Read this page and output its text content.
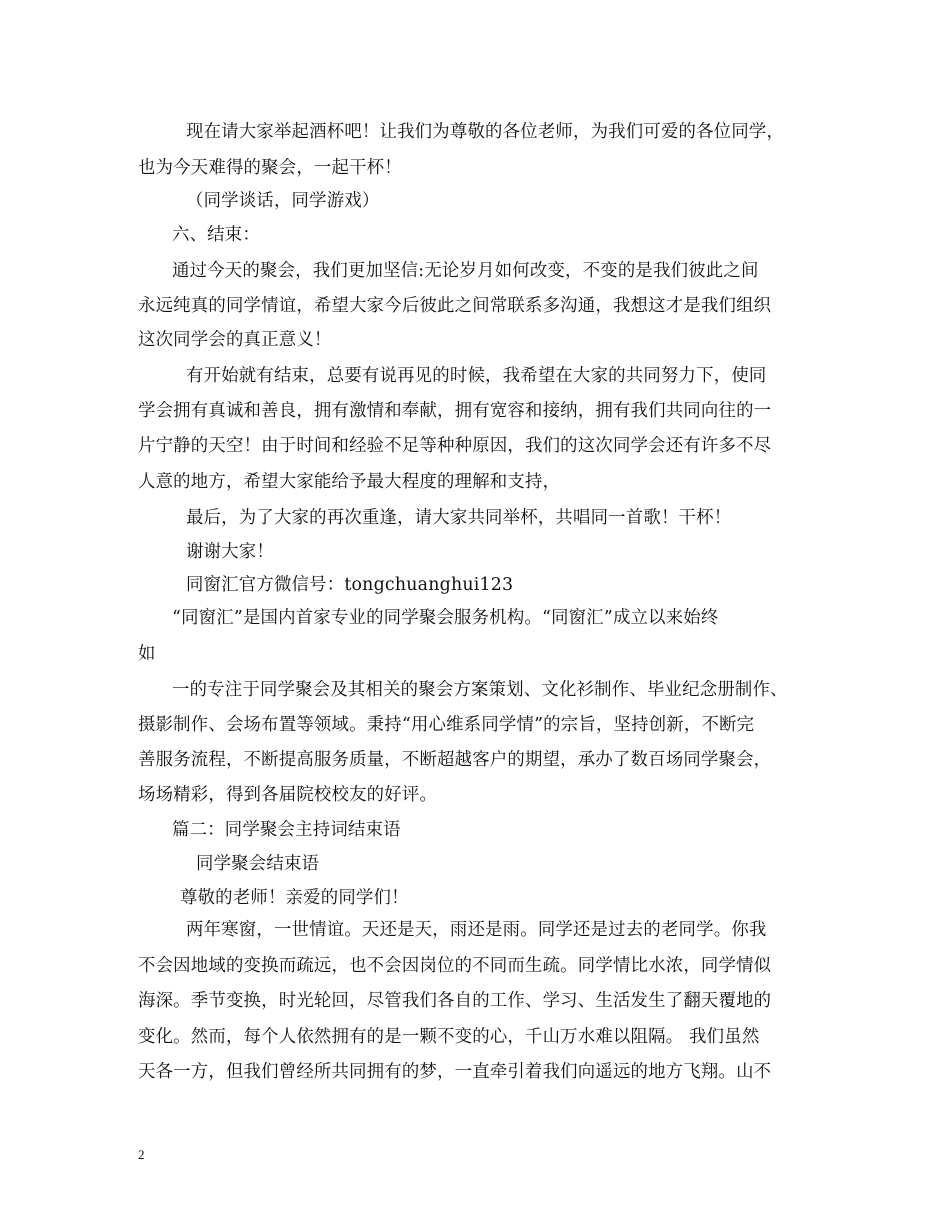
现在请大家举起酒杯吧！让我们为尊敬的各位老师，为我们可爱的各位同学，
也为今天难得的聚会，一起干杯！
（同学谈话，同学游戏）
六、结束：
通过今天的聚会，我们更加坚信:无论岁月如何改变，不变的是我们彼此之间
永远纯真的同学情谊，希望大家今后彼此之间常联系多沟通，我想这才是我们组织
这次同学会的真正意义！
有开始就有结束，总要有说再见的时候，我希望在大家的共同努力下，使同
学会拥有真诚和善良，拥有激情和奉献，拥有宽容和接纳，拥有我们共同向往的一
片宁静的天空！由于时间和经验不足等种种原因，我们的这次同学会还有许多不尽
人意的地方，希望大家能给予最大程度的理解和支持，
最后，为了大家的再次重逢，请大家共同举杯，共唱同一首歌！干杯！
谢谢大家！
同窗汇官方微信号：tongchuanghui123
“同窗汇”是国内首家专业的同学聚会服务机构。“同窗汇”成立以来始终
如
一的专注于同学聚会及其相关的聚会方案策划、文化衫制作、毕业纪念册制作、
摄影制作、会场布置等领域。秉持“用心维系同学情”的宗旨，坚持创新，不断完
善服务流程，不断提高服务质量，不断超越客户的期望，承办了数百场同学聚会，
场场精彩，得到各届院校校友的好评。
篇二：同学聚会主持词结束语
同学聚会结束语
尊敬的老师！亲爱的同学们！
两年寒窗，一世情谊。天还是天，雨还是雨。同学还是过去的老同学。你我
不会因地域的变换而疏远，也不会因岗位的不同而生疏。同学情比水浓，同学情似
海深。季节变换，时光轮回，尽管我们各自的工作、学习、生活发生了翻天覆地的
变化。然而，每个人依然拥有的是一颗不变的心，千山万水难以阻隔。 我们虽然
天各一方，但我们曾经所共同拥有的梦，一直牵引着我们向遥远的地方飞翔。山不
2
